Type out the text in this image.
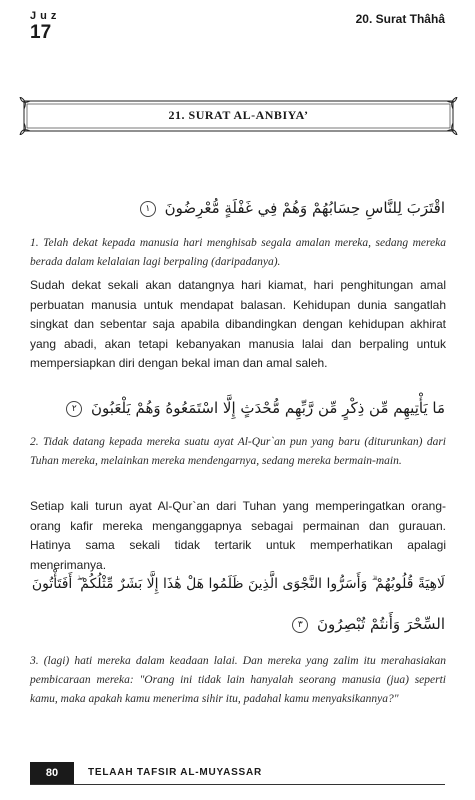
Juz
17
20. Surat Thâhâ
21. SURAT AL-ANBIYA’
اقْتَرَبَ لِلنَّاسِ حِسَابُهُمْ وَهُمْ فِي غَفْلَةٍ مُّعْرِضُونَ ١

1. Telah dekat kepada manusia hari menghisab segala amalan mereka, sedang mereka berada dalam kelalaian lagi berpaling (daripadanya).

Sudah dekat sekali akan datangnya hari kiamat, hari penghitungan amal perbuatan manusia untuk mendapat balasan. Kehidupan dunia sangatlah singkat dan sebentar saja apabila dibandingkan dengan kehidupan akhirat yang abadi, akan tetapi kebanyakan manusia lalai dan berpaling untuk mempersiapkan diri dengan bekal iman dan amal saleh.

مَا يَأْتِيهِم مِّن ذِكْرٍ مِّن رَّبِّهِم مُّحْدَثٍ إِلَّا اسْتَمَعُوهُ وَهُمْ يَلْعَبُونَ ٢

2. Tidak datang kepada mereka suatu ayat Al-Qur`an pun yang baru (diturunkan) dari Tuhan mereka, melainkan mereka mendengarnya, sedang mereka bermain-main.

Setiap kali turun ayat Al-Qur`an dari Tuhan yang memperingatkan orang-orang kafir mereka menganggapnya sebagai permainan dan gurauan. Hatinya sama sekali tidak tertarik untuk memperhatikan apalagi menerimanya.

لَاهِيَةً قُلُوبُهُمْ ۗ وَأَسَرُّوا النَّجْوَى الَّذِينَ ظَلَمُوا هَلْ هَٰذَا إِلَّا بَشَرٌ مِّثْلُكُمْ ۖ أَفَتَأْتُونَ
السِّحْرَ وَأَنتُمْ تُبْصِرُونَ ٣

3. (lagi) hati mereka dalam keadaan lalai. Dan mereka yang zalim itu merahasiakan pembicaraan mereka: "Orang ini tidak lain hanyalah seorang manusia (jua) seperti kamu, maka apakah kamu menerima sihir itu, padahal kamu menyaksikannya?"

80	TELAAH TAFSIR AL-MUYASSAR
